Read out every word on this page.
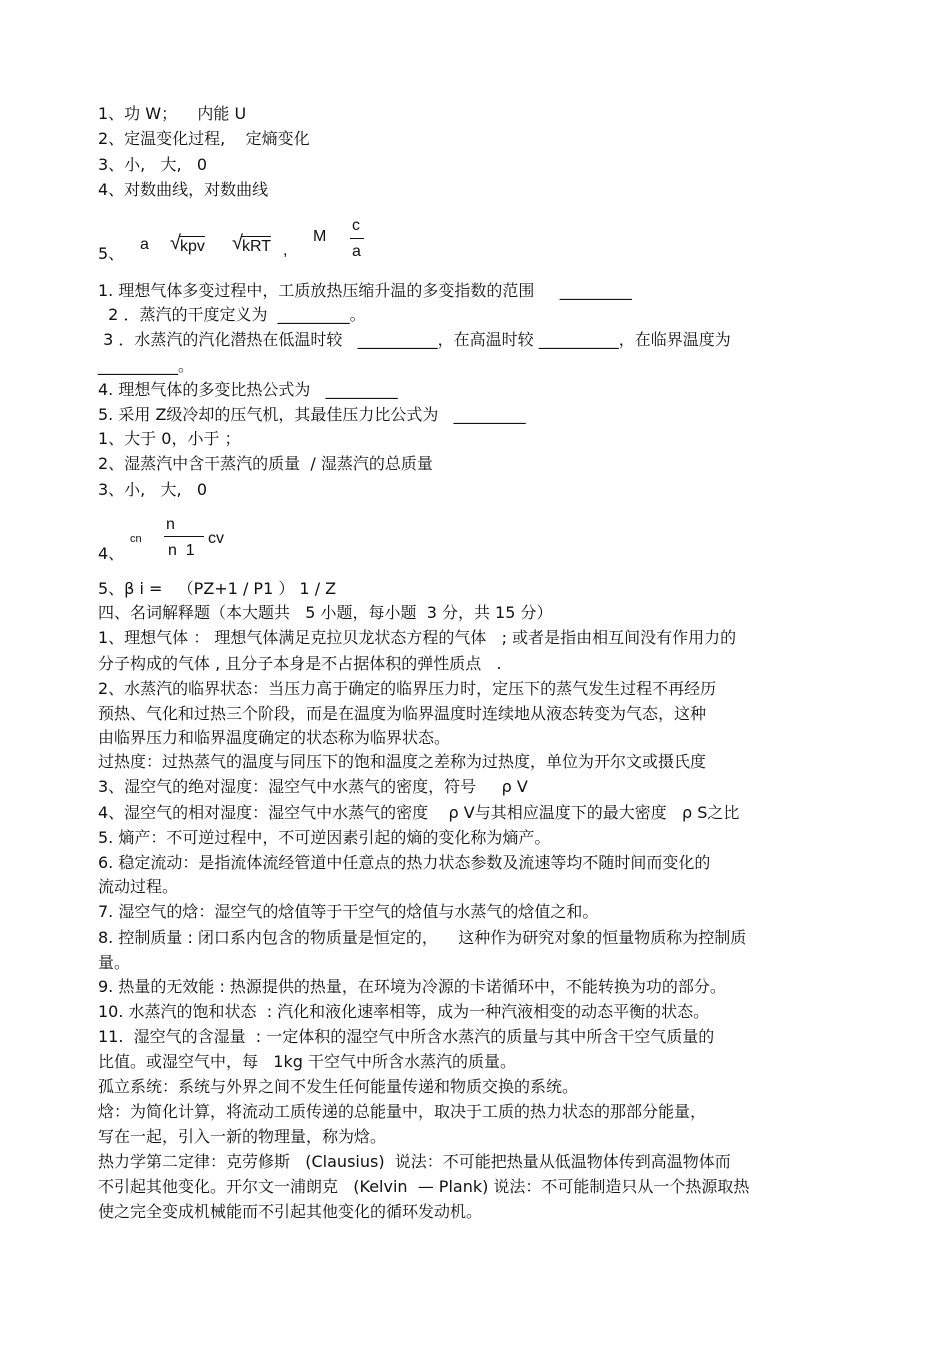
1、功 W；    内能 U
2、定温变化过程,    定熵变化
3、小,   大,   0
4、对数曲线，对数曲线
5、 a √ kpv √ kRT ,
M
c
a
1. 理想气体多变过程中，工质放热压缩升温的多变指数的范围     _________
2 ．蒸汽的干度定义为  _________。
3 ．水蒸汽的汽化潜热在低温时较   __________，在高温时较 __________，在临界温度为
__________。
4. 理想气体的多变比热公式为   _________
5. 采用 Z级冷却的压气机，其最佳压力比公式为   _________
1、大于 0，小于 ；
2、湿蒸汽中含干蒸汽的质量  / 湿蒸汽的总质量
3、小,   大,   0
4、
cn
n
n  1
cv
5、β i =   （PZ+1 / P1 ） 1 / Z
四、名词解释题（本大题共   5 小题，每小题  3 分，共 15 分）
1、理想气体 ： 理想气体满足克拉贝龙状态方程的气体   ; 或者是指由相互间没有作用力的
分子构成的气体 , 且分子本身是不占据体积的弹性质点   .
2、水蒸汽的临界状态：当压力高于确定的临界压力时，定压下的蒸气发生过程不再经历
预热、气化和过热三个阶段，而是在温度为临界温度时连续地从液态转变为气态，这种
由临界压力和临界温度确定的状态称为临界状态。
过热度：过热蒸气的温度与同压下的饱和温度之差称为过热度，单位为开尔文或摄氏度
3、湿空气的绝对湿度：湿空气中水蒸气的密度，符号     ρ V
4、湿空气的相对湿度：湿空气中水蒸气的密度    ρ V与其相应温度下的最大密度   ρ S之比
5. 熵产：不可逆过程中，不可逆因素引起的熵的变化称为熵产。
6. 稳定流动：是指流体流经管道中任意点的热力状态参数及流速等均不随时间而变化的
流动过程。
7. 湿空气的焓：湿空气的焓值等于干空气的焓值与水蒸气的焓值之和。
8. 控制质量 : 闭口系内包含的物质量是恒定的，    这种作为研究对象的恒量物质称为控制质
量。
9. 热量的无效能 : 热源提供的热量，在环境为冷源的卡诺循环中，不能转换为功的部分。
10. 水蒸汽的饱和状态  : 汽化和液化速率相等，成为一种汽液相变的动态平衡的状态。
11.  湿空气的含湿量  : 一定体积的湿空气中所含水蒸汽的质量与其中所含干空气质量的
比值。或湿空气中，每   1kg 干空气中所含水蒸汽的质量。
孤立系统：系统与外界之间不发生任何能量传递和物质交换的系统。
焓：为简化计算，将流动工质传递的总能量中，取决于工质的热力状态的那部分能量，
写在一起，引入一新的物理量，称为焓。
热力学第二定律：克劳修斯   (Clausius)  说法：不可能把热量从低温物体传到高温物体而
不引起其他变化。开尔文一浦朗克   (Kelvin  — Plank) 说法：不可能制造只从一个热源取热
使之完全变成机械能而不引起其他变化的循环发动机。
